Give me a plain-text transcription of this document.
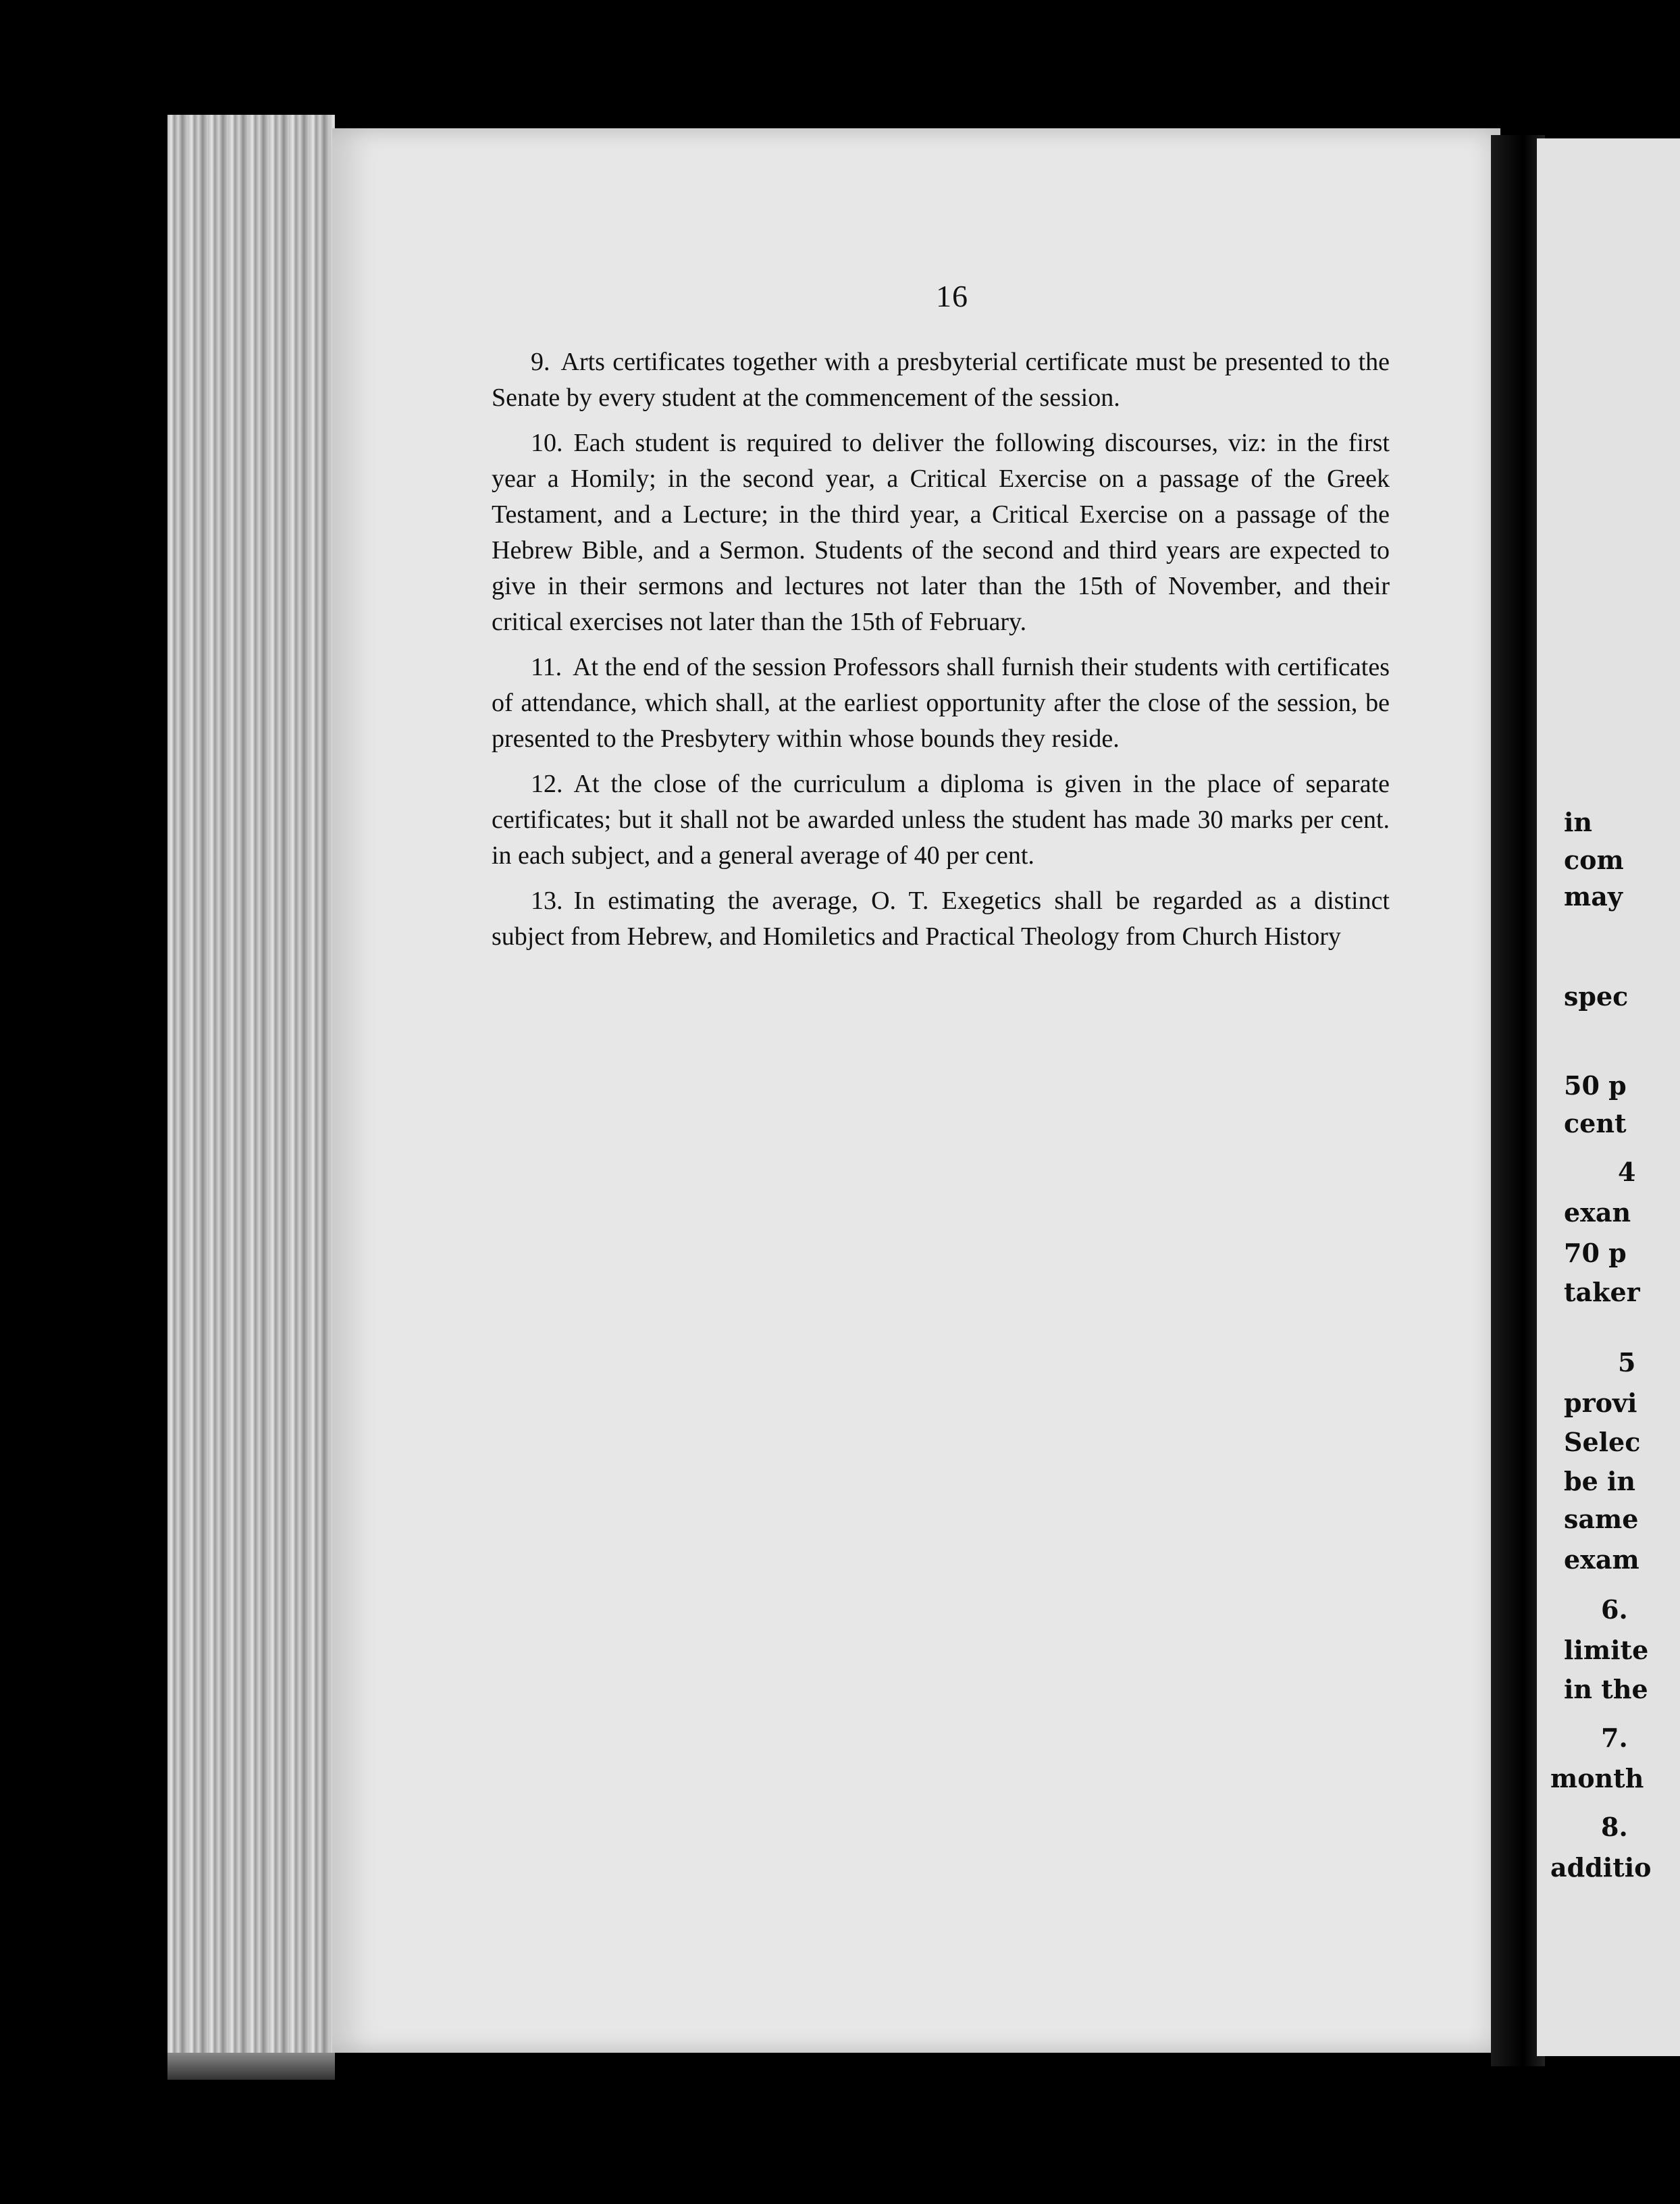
16

9. Arts certificates together with a presbyterial certificate must be presented to the Senate by every student at the commencement of the session.

10. Each student is required to deliver the following discourses, viz: in the first year a Homily; in the second year, a Critical Exercise on a passage of the Greek Testament, and a Lecture; in the third year, a Critical Exercise on a passage of the Hebrew Bible, and a Sermon. Students of the second and third years are expected to give in their sermons and lectures not later than the 15th of November, and their critical exercises not later than the 15th of February.

11. At the end of the session Professors shall furnish their students with certificates of attendance, which shall, at the earliest opportunity after the close of the session, be presented to the Presbytery within whose bounds they reside.

12. At the close of the curriculum a diploma is given in the place of separate certificates; but it shall not be awarded unless the student has made 30 marks per cent. in each subject, and a general average of 40 per cent.

13. In estimating the average, O. T. Exegetics shall be regarded as a distinct subject from Hebrew, and Homiletics and Practical Theology from Church History

in
com
may
spec
50 p
cent
4
exan
70 p
taker
5
provi
Selec
be in
same
exam
6.
limite
in the
7.
month
8.
additio
